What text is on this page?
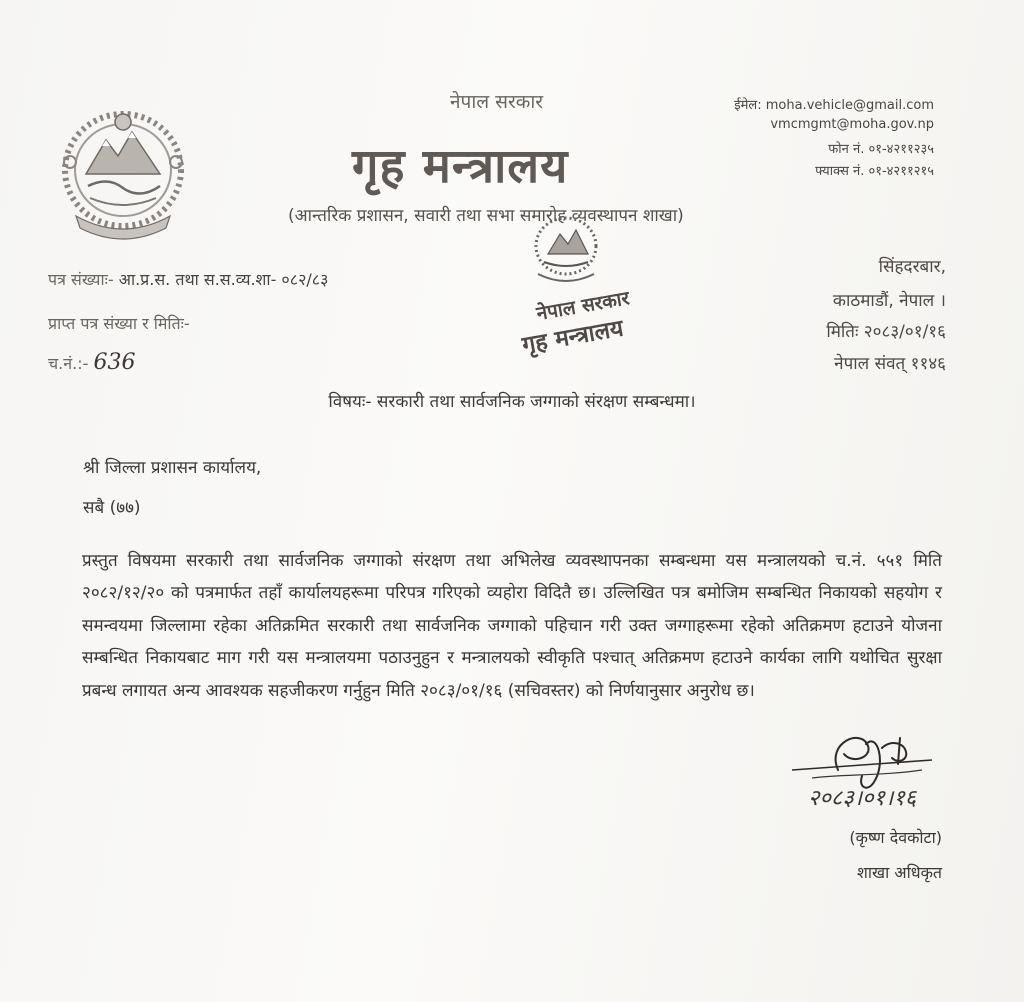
नेपाल सरकार
गृह मन्त्रालय
(आन्तरिक प्रशासन, सवारी तथा सभा समारोह व्यवस्थापन शाखा)
ईमेल: moha.vehicle@gmail.com
vmcmgmt@moha.gov.np
फोन नं. ०१-४२११२३५
फ्याक्स नं. ०१-४२११२१५
नेपाल सरकार
गृह मन्त्रालय
पत्र संख्याः- आ.प्र.स. तथा स.स.व्य.शा- ०८२/८३
प्राप्त पत्र संख्या र मितिः-
च.नं.:- 636
सिंहदरबार,
काठमाडौं, नेपाल ।
मितिः २०८३/०१/१६
नेपाल संवत् ११४६
विषयः- सरकारी तथा सार्वजनिक जग्गाको संरक्षण सम्बन्धमा।
श्री जिल्ला प्रशासन कार्यालय,
सबै (७७)
प्रस्तुत विषयमा सरकारी तथा सार्वजनिक जग्गाको संरक्षण तथा अभिलेख व्यवस्थापनका सम्बन्धमा यस मन्त्रालयको च.नं. ५५१ मिति २०८२/१२/२० को पत्रमार्फत तहाँ कार्यालयहरूमा परिपत्र गरिएको व्यहोरा विदितै छ। उल्लिखित पत्र बमोजिम सम्बन्धित निकायको सहयोग र समन्वयमा जिल्लामा रहेका अतिक्रमित सरकारी तथा सार्वजनिक जग्गाको पहिचान गरी उक्त जग्गाहरूमा रहेको अतिक्रमण हटाउने योजना सम्बन्धित निकायबाट माग गरी यस मन्त्रालयमा पठाउनुहुन र मन्त्रालयको स्वीकृति पश्चात् अतिक्रमण हटाउने कार्यका लागि यथोचित सुरक्षा प्रबन्ध लगायत अन्य आवश्यक सहजीकरण गर्नुहुन मिति २०८३/०१/१६ (सचिवस्तर) को निर्णयानुसार अनुरोध छ।
२०८३।०१।१६
(कृष्ण देवकोटा)
शाखा अधिकृत
